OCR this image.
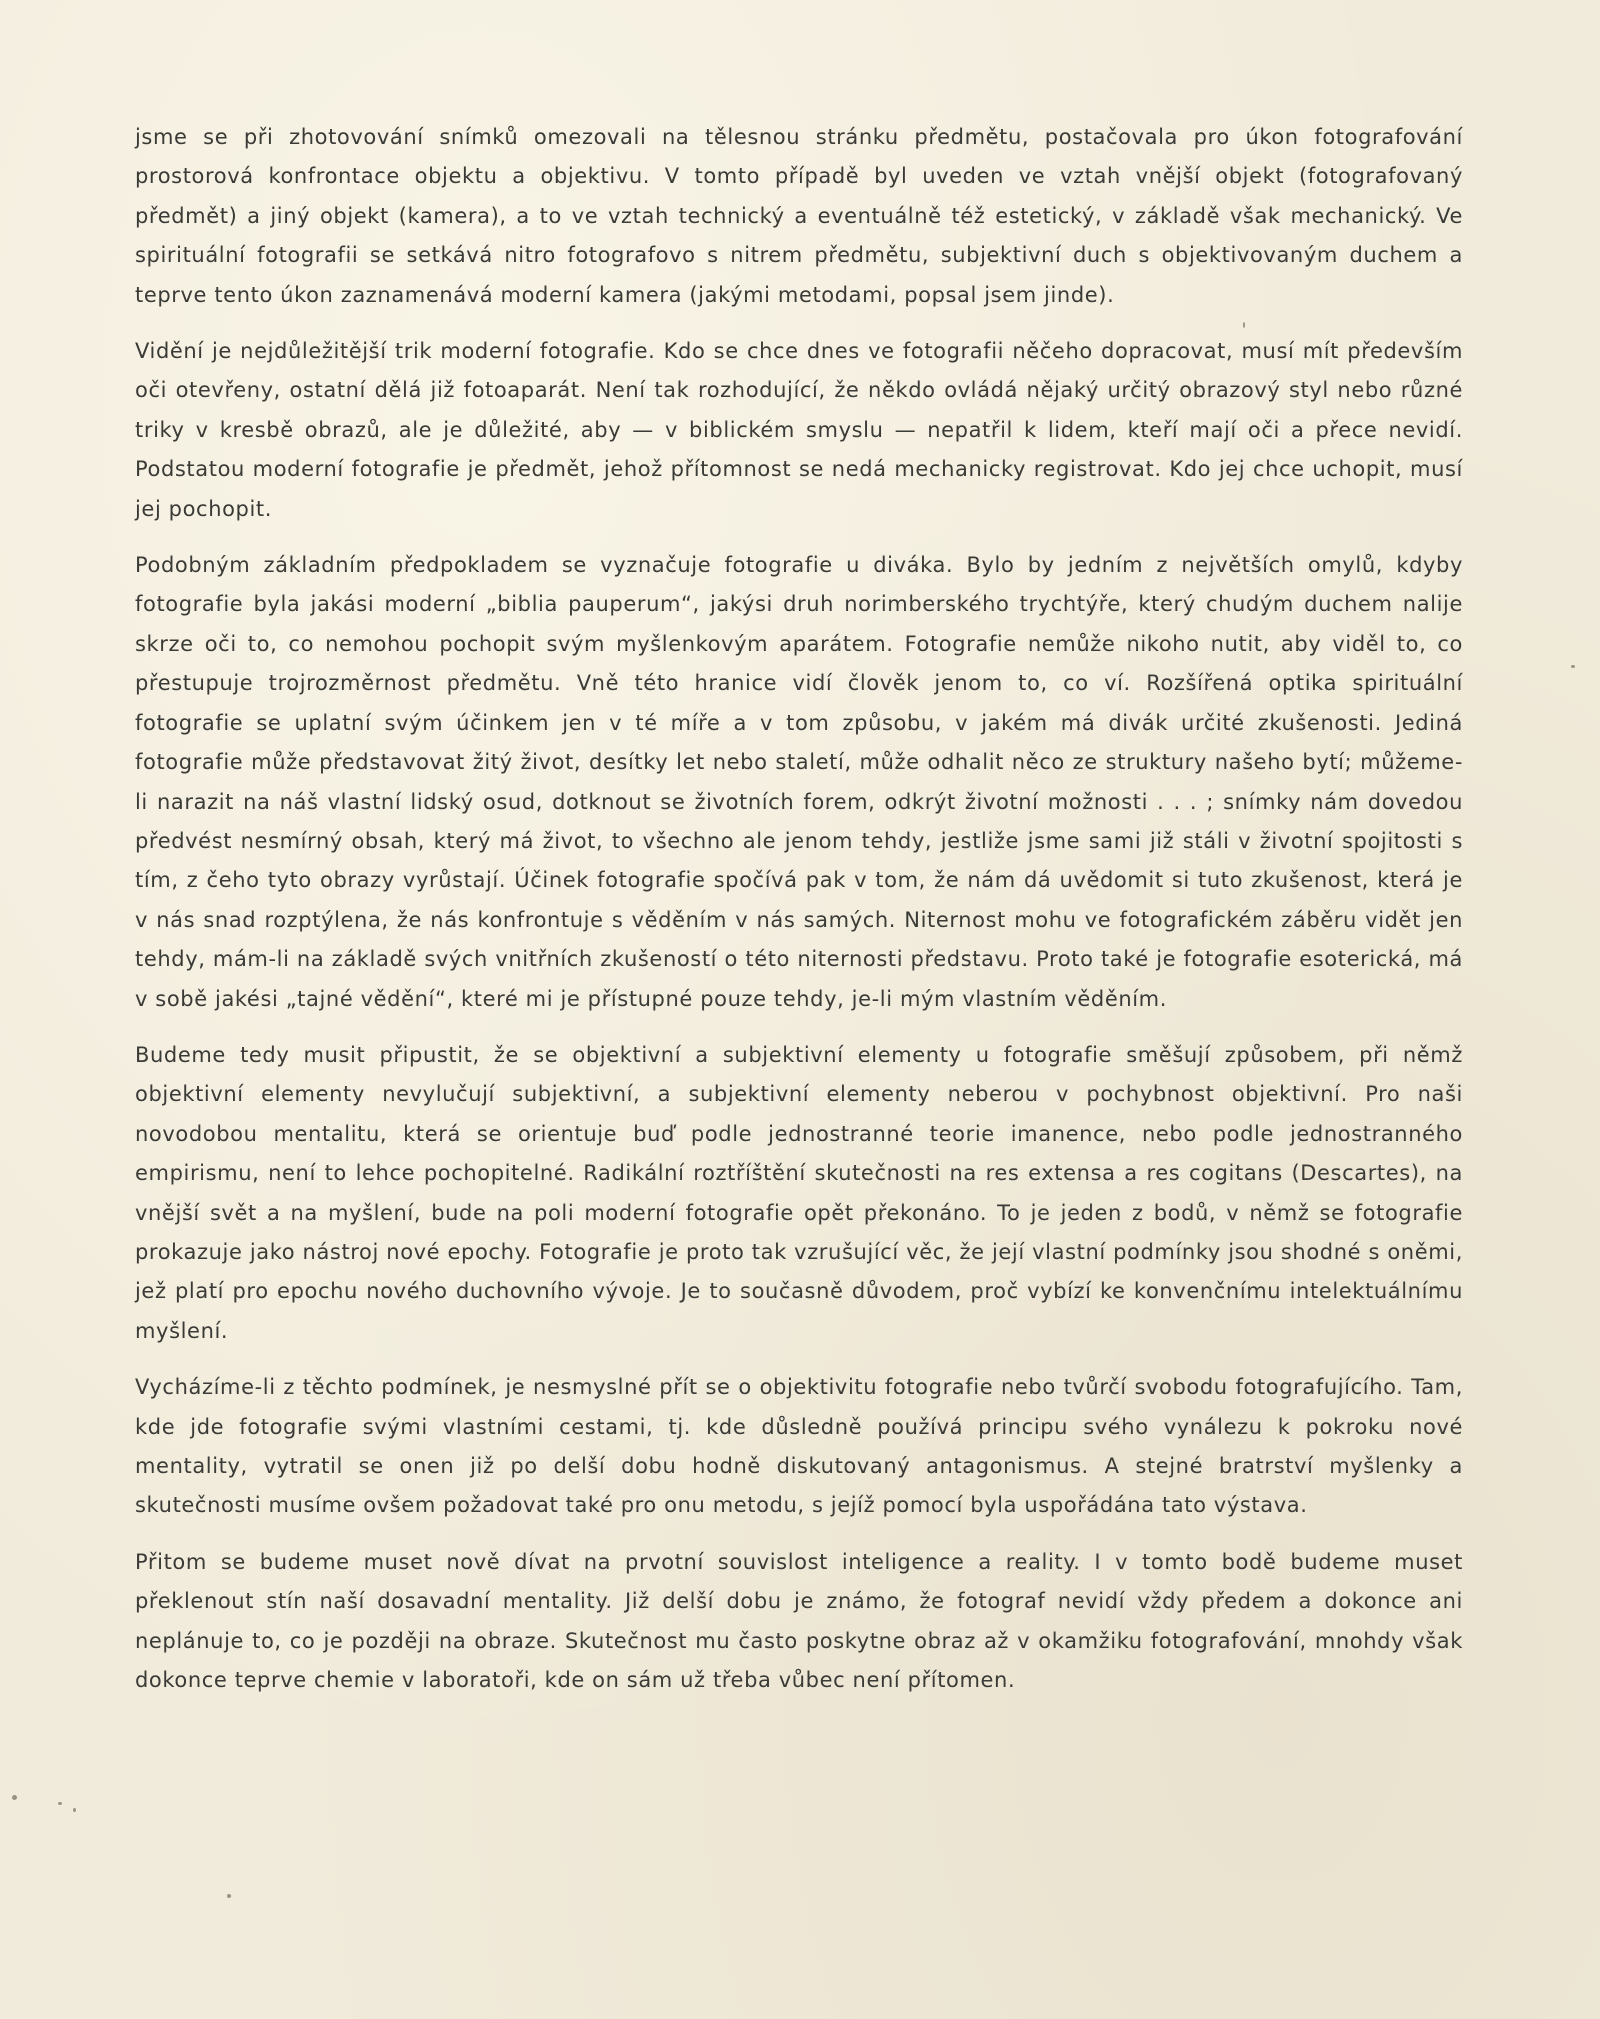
jsme se při zhotovování snímků omezovali na tělesnou stránku předmětu, postačovala pro úkon fotografování prostorová konfrontace objektu a objektivu. V tomto případě byl uveden ve vztah vnější objekt (fotografovaný předmět) a jiný objekt (kamera), a to ve vztah technický a eventuálně též estetický, v základě však mechanický. Ve spirituální fotografii se setkává nitro fotografovo s nitrem předmětu, subjektivní duch s objektivovaným duchem a teprve tento úkon zaznamenává moderní kamera (jakými metodami, popsal jsem jinde).

Vidění je nejdůležitější trik moderní fotografie. Kdo se chce dnes ve fotografii něčeho dopracovat, musí mít především oči otevřeny, ostatní dělá již fotoaparát. Není tak rozhodující, že někdo ovládá nějaký určitý obrazový styl nebo různé triky v kresbě obrazů, ale je důležité, aby — v biblickém smyslu — nepatřil k lidem, kteří mají oči a přece nevidí. Podstatou moderní fotografie je předmět, jehož přítomnost se nedá mechanicky registrovat. Kdo jej chce uchopit, musí jej pochopit.

Podobným základním předpokladem se vyznačuje fotografie u diváka. Bylo by jedním z největších omylů, kdyby fotografie byla jakási moderní „biblia pauperum“, jakýsi druh norimberského trychtýře, který chudým duchem nalije skrze oči to, co nemohou pochopit svým myšlenkovým aparátem. Fotografie nemůže nikoho nutit, aby viděl to, co přestupuje trojrozměrnost předmětu. Vně této hranice vidí člověk jenom to, co ví. Rozšířená optika spirituální fotografie se uplatní svým účinkem jen v té míře a v tom způsobu, v jakém má divák určité zkušenosti. Jediná fotografie může představovat žitý život, desítky let nebo staletí, může odhalit něco ze struktury našeho bytí; můžeme-li narazit na náš vlastní lidský osud, dotknout se životních forem, odkrýt životní možnosti . . . ; snímky nám dovedou předvést nesmírný obsah, který má život, to všechno ale jenom tehdy, jestliže jsme sami již stáli v životní spojitosti s tím, z čeho tyto obrazy vyrůstají. Účinek fotografie spočívá pak v tom, že nám dá uvědomit si tuto zkušenost, která je v nás snad rozptýlena, že nás konfrontuje s věděním v nás samých. Niternost mohu ve fotografickém záběru vidět jen tehdy, mám-li na základě svých vnitřních zkušeností o této niternosti představu. Proto také je fotografie esoterická, má v sobě jakési „tajné vědění“, které mi je přístupné pouze tehdy, je-li mým vlastním věděním.

Budeme tedy musit připustit, že se objektivní a subjektivní elementy u fotografie směšují způsobem, při němž objektivní elementy nevylučují subjektivní, a subjektivní elementy neberou v pochybnost objektivní. Pro naši novodobou mentalitu, která se orientuje buď podle jednostranné teorie imanence, nebo podle jednostranného empirismu, není to lehce pochopitelné. Radikální roztříštění skutečnosti na res extensa a res cogitans (Descartes), na vnější svět a na myšlení, bude na poli moderní fotografie opět překonáno. To je jeden z bodů, v němž se fotografie prokazuje jako nástroj nové epochy. Fotografie je proto tak vzrušující věc, že její vlastní podmínky jsou shodné s oněmi, jež platí pro epochu nového duchovního vývoje. Je to současně důvodem, proč vybízí ke konvenčnímu intelektuálnímu myšlení.

Vycházíme-li z těchto podmínek, je nesmyslné přít se o objektivitu fotografie nebo tvůrčí svobodu fotografujícího. Tam, kde jde fotografie svými vlastními cestami, tj. kde důsledně používá principu svého vynálezu k pokroku nové mentality, vytratil se onen již po delší dobu hodně diskutovaný antagonismus. A stejné bratrství myšlenky a skutečnosti musíme ovšem požadovat také pro onu metodu, s jejíž pomocí byla uspořádána tato výstava.

Přitom se budeme muset nově dívat na prvotní souvislost inteligence a reality. I v tomto bodě budeme muset překlenout stín naší dosavadní mentality. Již delší dobu je známo, že fotograf nevidí vždy předem a dokonce ani neplánuje to, co je později na obraze. Skutečnost mu často poskytne obraz až v okamžiku fotografování, mnohdy však dokonce teprve chemie v laboratoři, kde on sám už třeba vůbec není přítomen.
